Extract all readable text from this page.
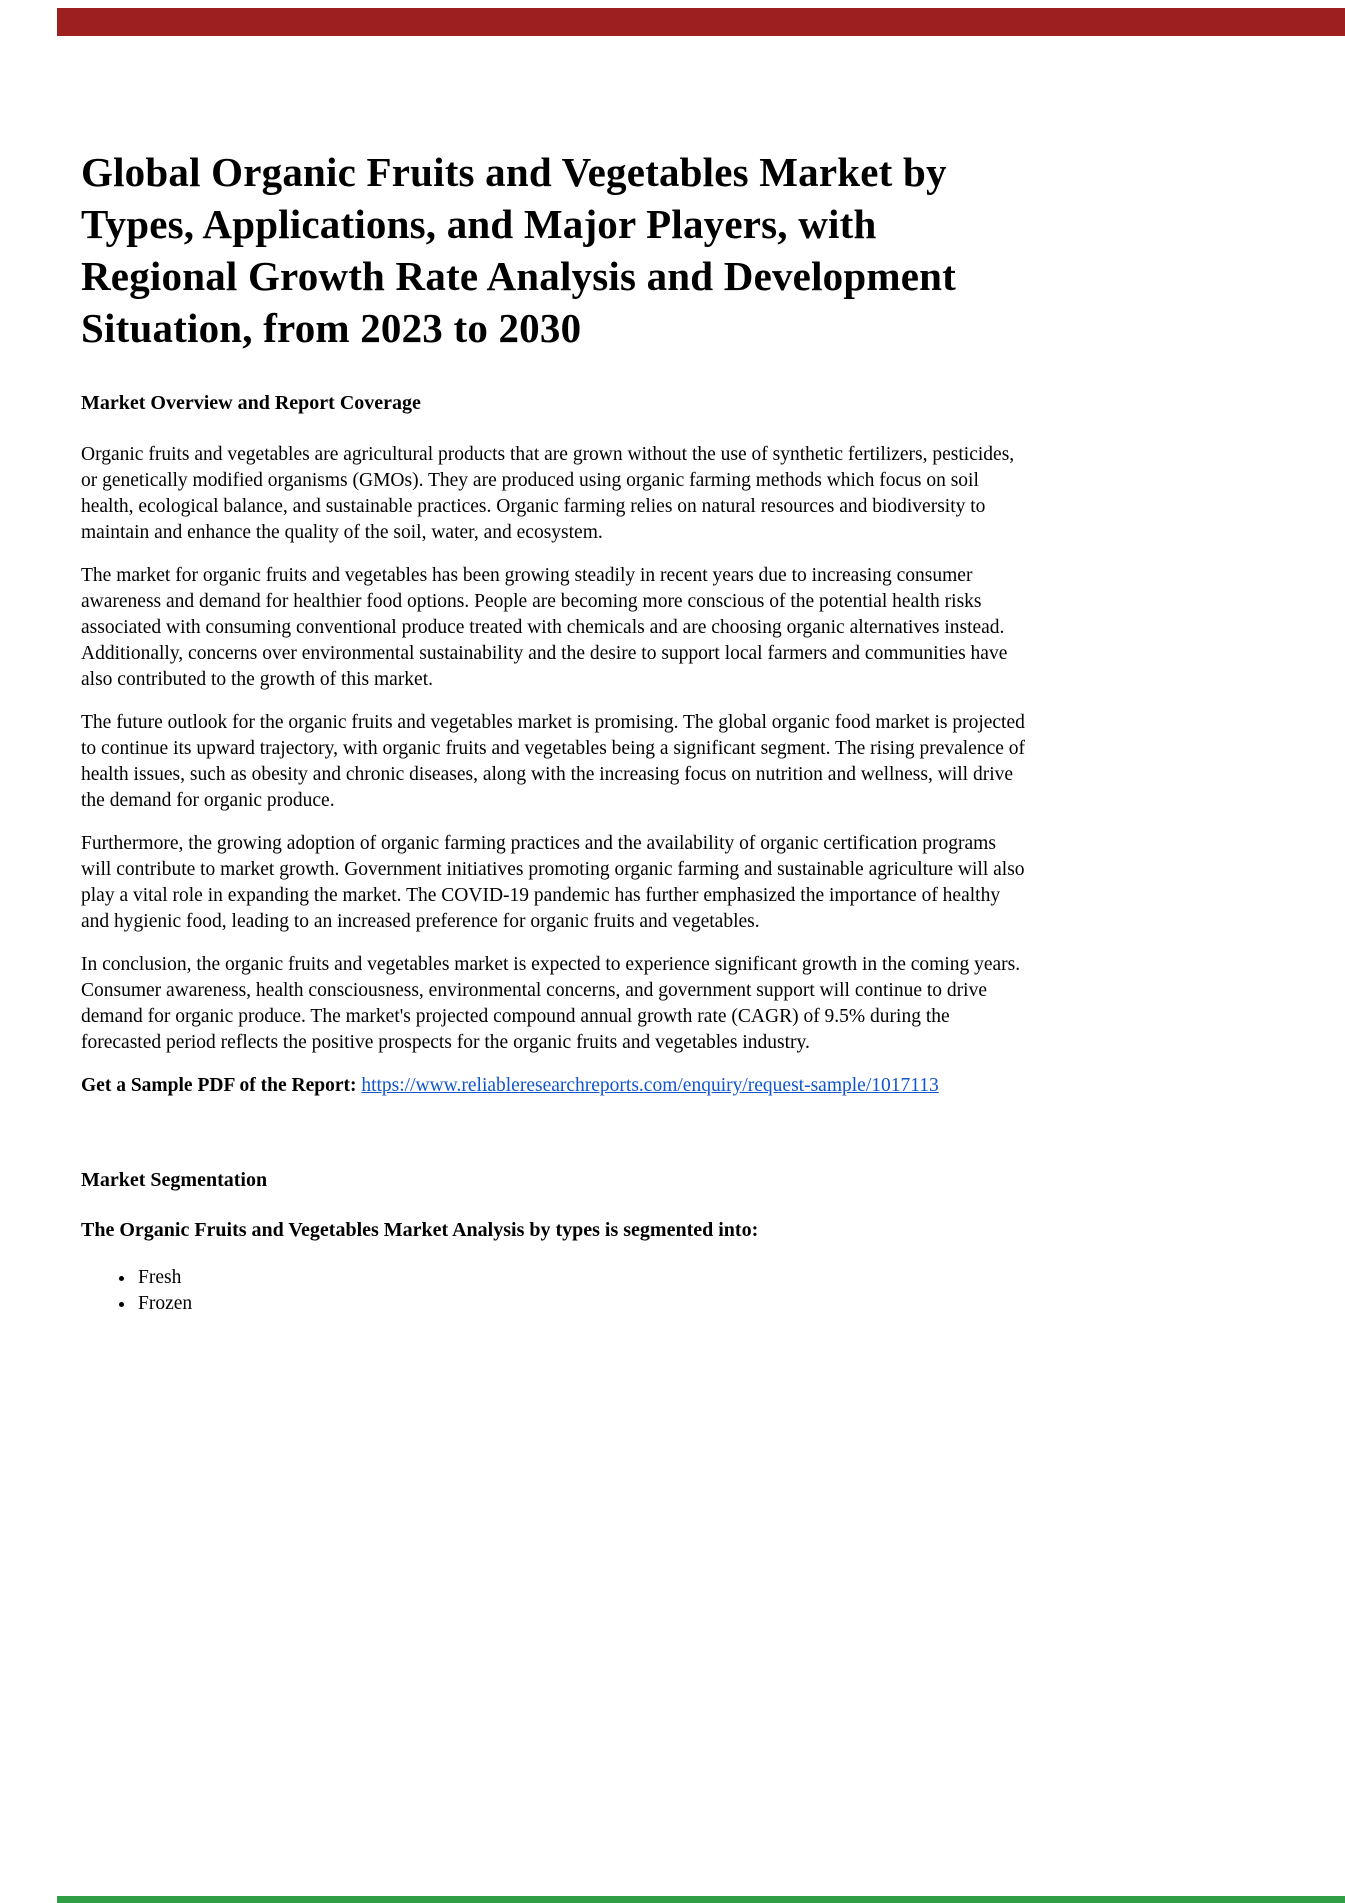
Global Organic Fruits and Vegetables Market by Types, Applications, and Major Players, with Regional Growth Rate Analysis and Development Situation, from 2023 to 2030
Market Overview and Report Coverage

Organic fruits and vegetables are agricultural products that are grown without the use of synthetic fertilizers, pesticides, or genetically modified organisms (GMOs). They are produced using organic farming methods which focus on soil health, ecological balance, and sustainable practices. Organic farming relies on natural resources and biodiversity to maintain and enhance the quality of the soil, water, and ecosystem.

The market for organic fruits and vegetables has been growing steadily in recent years due to increasing consumer awareness and demand for healthier food options. People are becoming more conscious of the potential health risks associated with consuming conventional produce treated with chemicals and are choosing organic alternatives instead. Additionally, concerns over environmental sustainability and the desire to support local farmers and communities have also contributed to the growth of this market.

The future outlook for the organic fruits and vegetables market is promising. The global organic food market is projected to continue its upward trajectory, with organic fruits and vegetables being a significant segment. The rising prevalence of health issues, such as obesity and chronic diseases, along with the increasing focus on nutrition and wellness, will drive the demand for organic produce.

Furthermore, the growing adoption of organic farming practices and the availability of organic certification programs will contribute to market growth. Government initiatives promoting organic farming and sustainable agriculture will also play a vital role in expanding the market. The COVID-19 pandemic has further emphasized the importance of healthy and hygienic food, leading to an increased preference for organic fruits and vegetables.

In conclusion, the organic fruits and vegetables market is expected to experience significant growth in the coming years. Consumer awareness, health consciousness, environmental concerns, and government support will continue to drive demand for organic produce. The market's projected compound annual growth rate (CAGR) of 9.5% during the forecasted period reflects the positive prospects for the organic fruits and vegetables industry.

Get a Sample PDF of the Report: https://www.reliableresearchreports.com/enquiry/request-sample/1017113

Market Segmentation
The Organic Fruits and Vegetables Market Analysis by types is segmented into:
• Fresh
• Frozen
